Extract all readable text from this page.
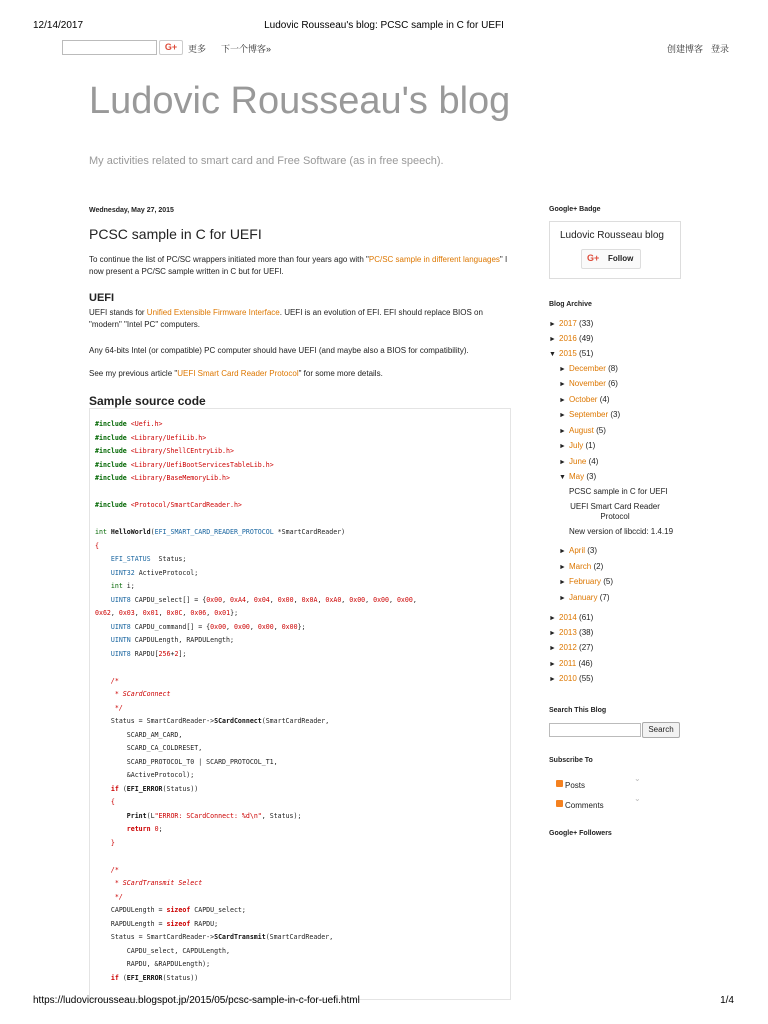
Ludovic Rousseau's blog: PCSC sample in C for UEFI
12/14/2017
G+	更多 下一个博客»	创建博客 登录
Ludovic Rousseau's blog
My activities related to smart card and Free Software (as in free speech).
Wednesday, May 27, 2015
PCSC sample in C for UEFI
To continue the list of PC/SC wrappers initiated more than four years ago with "PC/SC sample in different languages" I now present a PC/SC sample written in C but for UEFI.
UEFI
UEFI stands for Unified Extensible Firmware Interface. UEFI is an evolution of EFI. EFI should replace BIOS on "modern" "Intel PC" computers.
Any 64-bits Intel (or compatible) PC computer should have UEFI (and maybe also a BIOS for compatibility).
See my previous article "UEFI Smart Card Reader Protocol" for some more details.
Sample source code
#include <Uefi.h>
#include <Library/UefiLib.h>
#include <Library/ShellCEntryLib.h>
#include <Library/UefiBootServicesTableLib.h>
#include <Library/BaseMemoryLib.h>

#include <Protocol/SmartCardReader.h>

int HelloWorld(EFI_SMART_CARD_READER_PROTOCOL *SmartCardReader)
{
EFI_STATUS  Status;
UINT32 ActiveProtocol;
int i;
UINT8 CAPDU_select[] = {0x00, 0xA4, 0x04, 0x00, 0x0A, 0xA0, 0x00, 0x00, 0x00,
0x62, 0x03, 0x01, 0x0C, 0x06, 0x01};
UINT8 CAPDU_command[] = {0x00, 0x00, 0x00, 0x00};
UINTN CAPDULength, RAPDULength;
UINT8 RAPDU[256+2];

/*
* SCardConnect
*/
Status = SmartCardReader->SCardConnect(SmartCardReader,
SCARD_AM_CARD,
SCARD_CA_COLDRESET,
SCARD_PROTOCOL_T0 | SCARD_PROTOCOL_T1,
&ActiveProtocol);
if (EFI_ERROR(Status))
{
Print(L"ERROR: SCardConnect: %d\n", Status);
return 0;
}

/*
* SCardTransmit Select
*/
CAPDULength = sizeof CAPDU_select;
RAPDULength = sizeof RAPDU;
Status = SmartCardReader->SCardTransmit(SmartCardReader,
CAPDU_select, CAPDULength,
RAPDU, &RAPDULength);
if (EFI_ERROR(Status))
Google+ Badge
Ludovic Rousseau blog
G+ Follow
Blog Archive
► 2017 (33)
► 2016 (49)
▼ 2015 (51)
► December (8)
► November (6)
► October (4)
► September (3)
► August (5)
► July (1)
► June (4)
▼ May (3)
PCSC sample in C for UEFI
UEFI Smart Card Reader
Protocol
New version of libccid: 1.4.19
► April (3)
► March (2)
► February (5)
► January (7)
► 2014 (61)
► 2013 (38)
► 2012 (27)
► 2011 (46)
► 2010 (55)
Search This Blog
Search
Subscribe To
Posts
⌄
Comments
⌄
Google+ Followers
https://ludovicrousseau.blogspot.jp/2015/05/pcsc-sample-in-c-for-uefi.html	1/4
